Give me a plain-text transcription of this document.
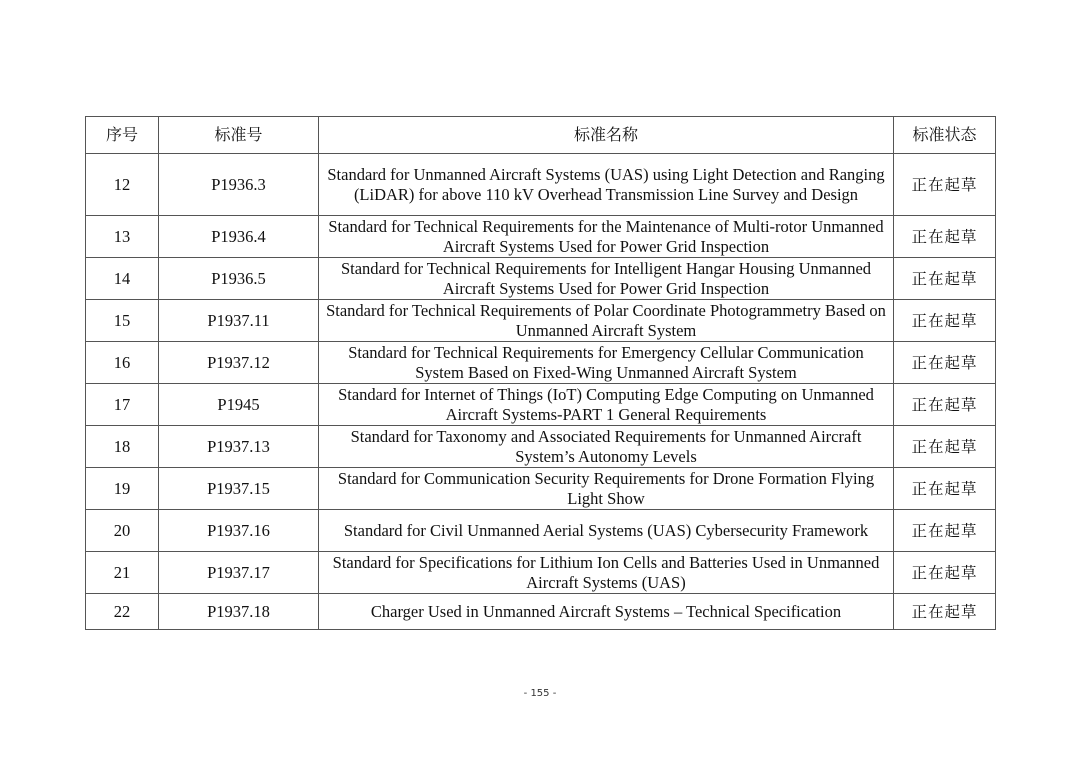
序号	标准号	标准名称	标准状态
12	P1936.3	Standard for Unmanned Aircraft Systems (UAS) using Light Detection and Ranging (LiDAR) for above 110 kV Overhead Transmission Line Survey and Design	正在起草
13	P1936.4	Standard for Technical Requirements for the Maintenance of Multi-rotor Unmanned Aircraft Systems Used for Power Grid Inspection	正在起草
14	P1936.5	Standard for Technical Requirements for Intelligent Hangar Housing Unmanned Aircraft Systems Used for Power Grid Inspection	正在起草
15	P1937.11	Standard for Technical Requirements of Polar Coordinate Photogrammetry Based on Unmanned Aircraft System	正在起草
16	P1937.12	Standard for Technical Requirements for Emergency Cellular Communication System Based on Fixed-Wing Unmanned Aircraft System	正在起草
17	P1945	Standard for Internet of Things (IoT) Computing Edge Computing on Unmanned Aircraft Systems-PART 1 General Requirements	正在起草
18	P1937.13	Standard for Taxonomy and Associated Requirements for Unmanned Aircraft System’s Autonomy Levels	正在起草
19	P1937.15	Standard for Communication Security Requirements for Drone Formation Flying Light Show	正在起草
20	P1937.16	Standard for Civil Unmanned Aerial Systems (UAS) Cybersecurity Framework	正在起草
21	P1937.17	Standard for Specifications for Lithium Ion Cells and Batteries Used in Unmanned Aircraft Systems (UAS)	正在起草
22	P1937.18	Charger Used in Unmanned Aircraft Systems – Technical Specification	正在起草
- 155 -
